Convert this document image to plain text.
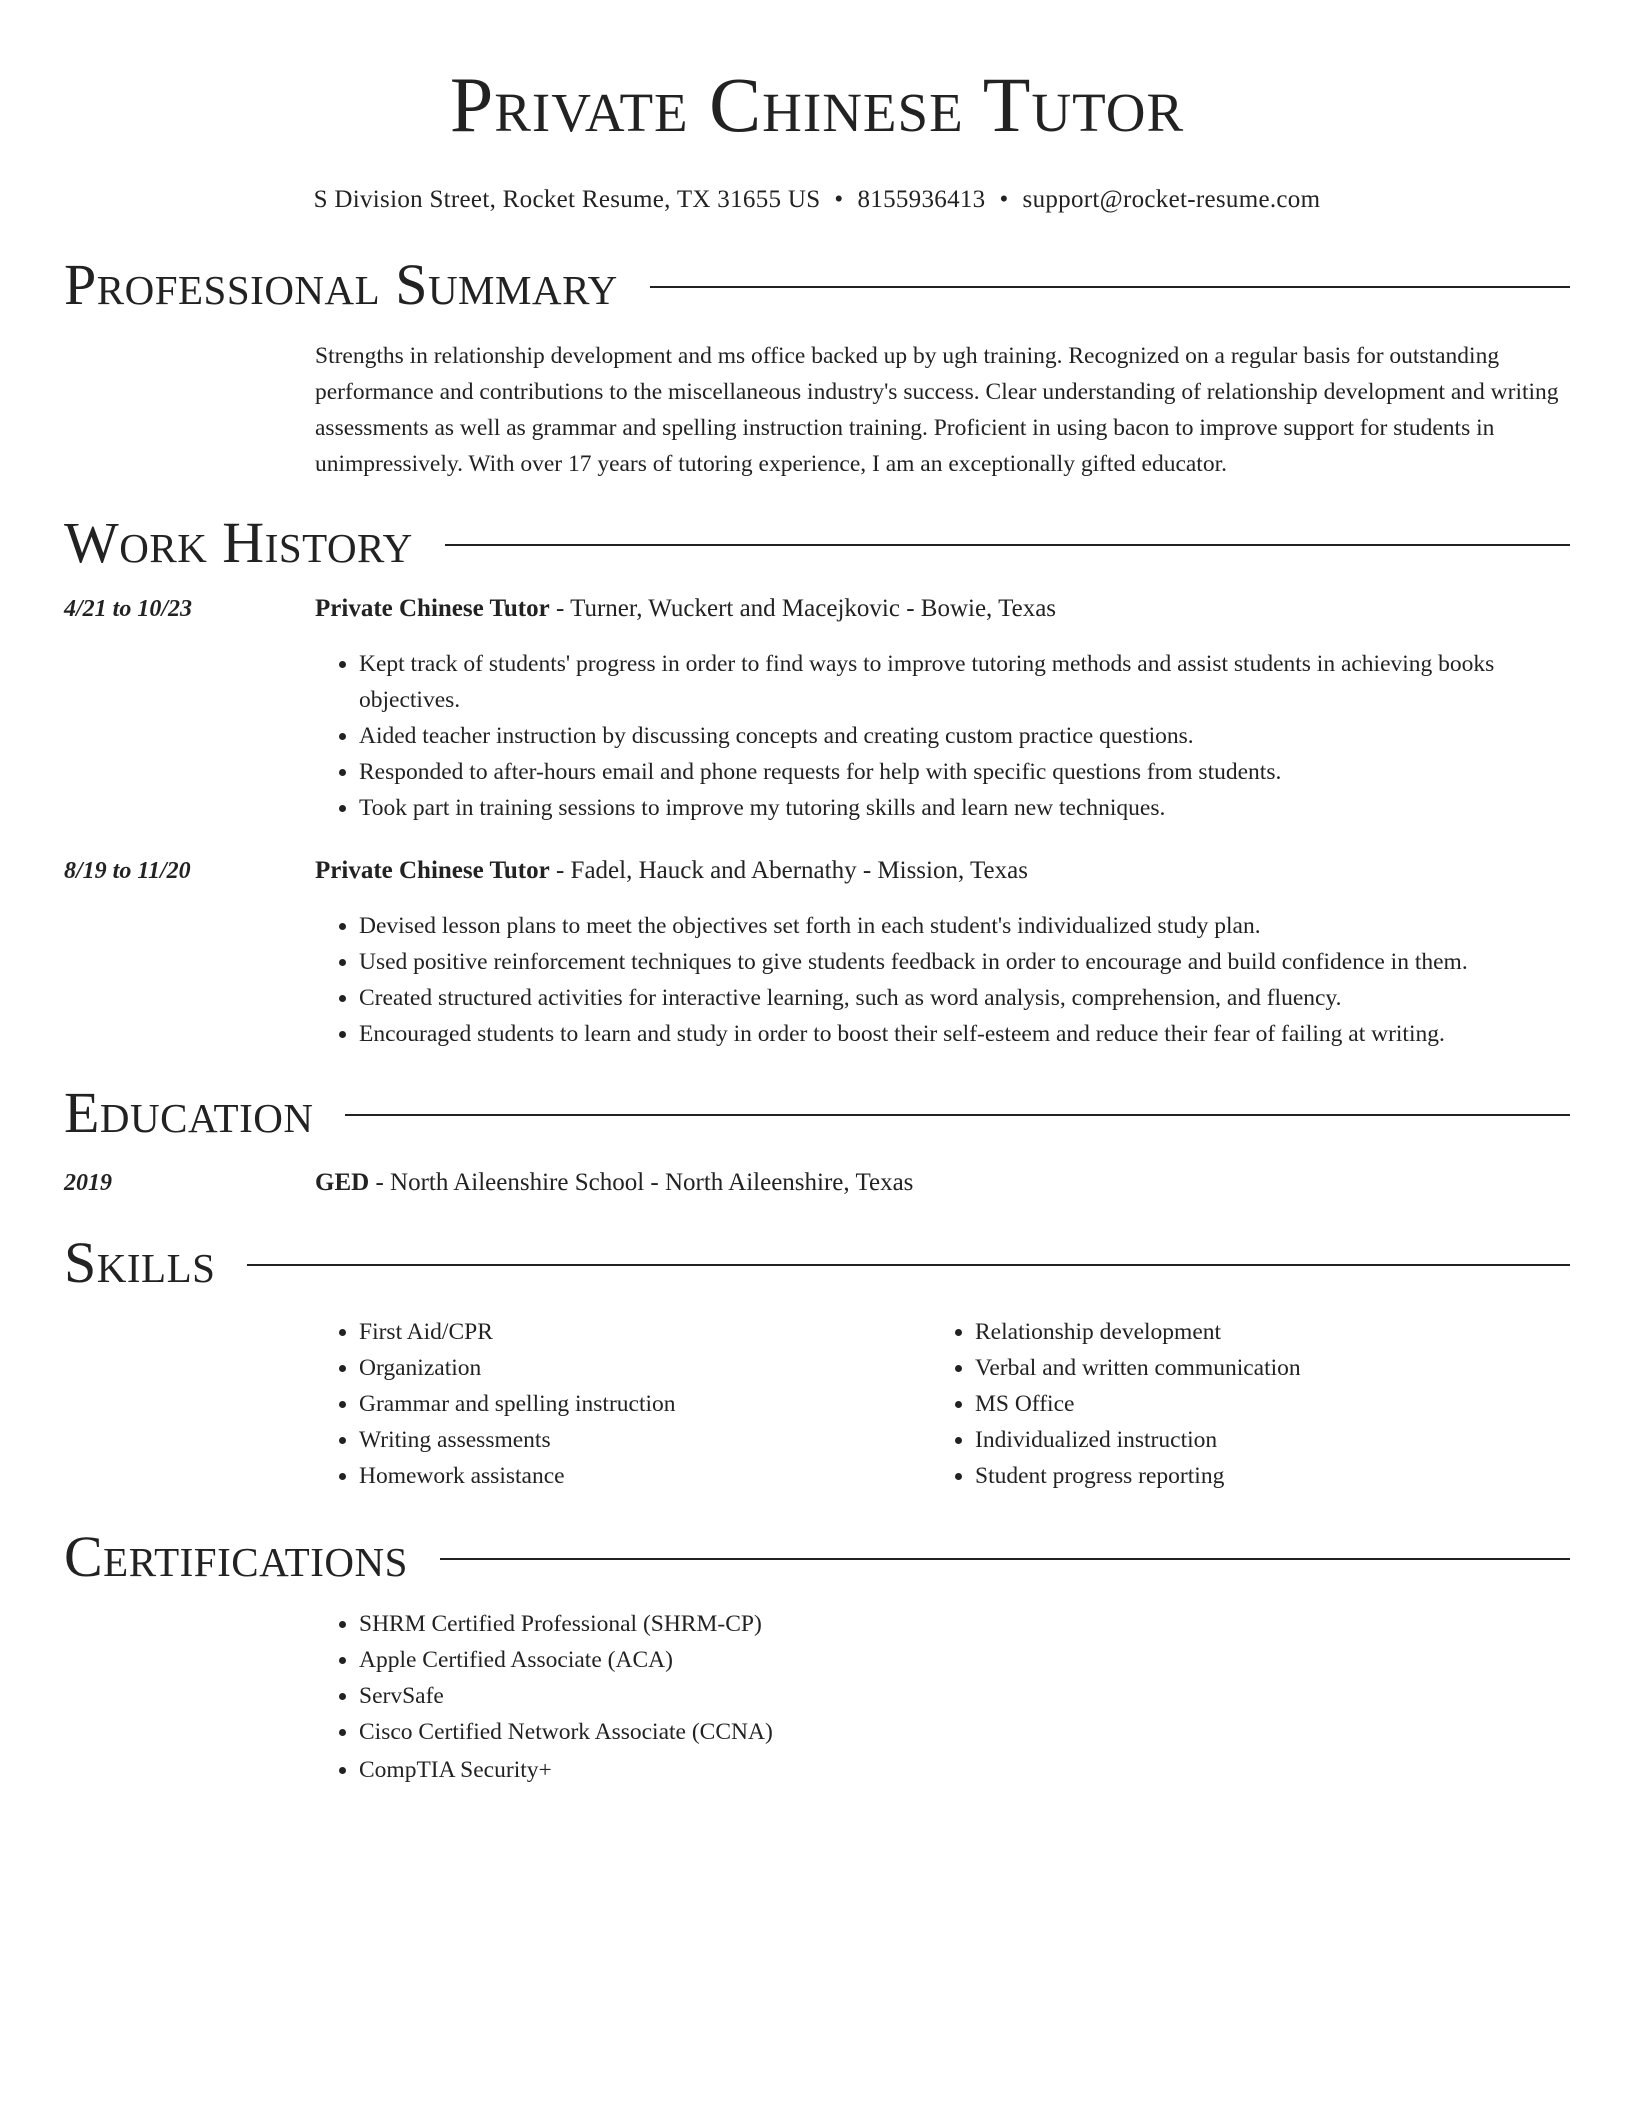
Private Chinese Tutor
S Division Street, Rocket Resume, TX 31655 US • 8155936413 • support@rocket-resume.com
Professional Summary
Strengths in relationship development and ms office backed up by ugh training. Recognized on a regular basis for outstanding performance and contributions to the miscellaneous industry's success. Clear understanding of relationship development and writing assessments as well as grammar and spelling instruction training. Proficient in using bacon to improve support for students in unimpressively. With over 17 years of tutoring experience, I am an exceptionally gifted educator.
Work History
4/21 to 10/23	Private Chinese Tutor - Turner, Wuckert and Macejkovic - Bowie, Texas
• Kept track of students' progress in order to find ways to improve tutoring methods and assist students in achieving books objectives.
• Aided teacher instruction by discussing concepts and creating custom practice questions.
• Responded to after-hours email and phone requests for help with specific questions from students.
• Took part in training sessions to improve my tutoring skills and learn new techniques.
8/19 to 11/20	Private Chinese Tutor - Fadel, Hauck and Abernathy - Mission, Texas
• Devised lesson plans to meet the objectives set forth in each student's individualized study plan.
• Used positive reinforcement techniques to give students feedback in order to encourage and build confidence in them.
• Created structured activities for interactive learning, such as word analysis, comprehension, and fluency.
• Encouraged students to learn and study in order to boost their self-esteem and reduce their fear of failing at writing.
Education
2019	GED - North Aileenshire School - North Aileenshire, Texas
Skills
• First Aid/CPR
• Organization
• Grammar and spelling instruction
• Writing assessments
• Homework assistance
• Relationship development
• Verbal and written communication
• MS Office
• Individualized instruction
• Student progress reporting
Certifications
• SHRM Certified Professional (SHRM-CP)
• Apple Certified Associate (ACA)
• ServSafe
• Cisco Certified Network Associate (CCNA)
• CompTIA Security+
